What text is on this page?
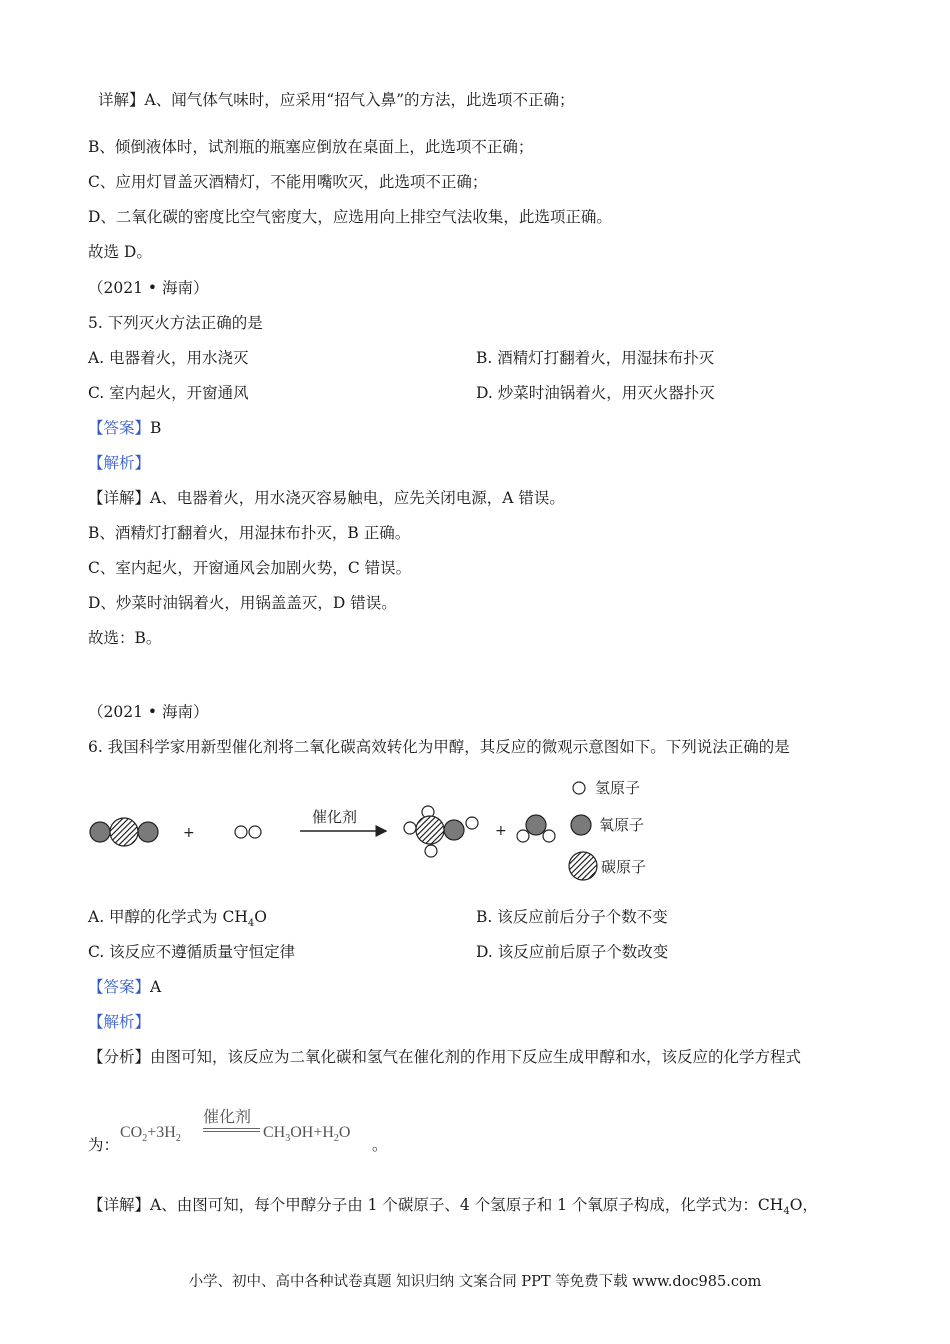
详解】A、闻气体气味时，应采用“招气入鼻”的方法，此选项不正确；
B、倾倒液体时，试剂瓶的瓶塞应倒放在桌面上，此选项不正确；
C、应用灯冒盖灭酒精灯，不能用嘴吹灭，此选项不正确；
D、二氧化碳的密度比空气密度大，应选用向上排空气法收集，此选项正确。
故选 D。
（2021 • 海南）
5. 下列灭火方法正确的是
A. 电器着火，用水浇灭	B. 酒精灯打翻着火，用湿抹布扑灭
C. 室内起火，开窗通风	D. 炒菜时油锅着火，用灭火器扑灭
【答案】B
【解析】
【详解】A、电器着火，用水浇灭容易触电，应先关闭电源，A 错误。
B、酒精灯打翻着火，用湿抹布扑灭，B 正确。
C、室内起火，开窗通风会加剧火势，C 错误。
D、炒菜时油锅着火，用锅盖盖灭，D 错误。
故选：B。
（2021 • 海南）
6. 我国科学家用新型催化剂将二氧化碳高效转化为甲醇，其反应的微观示意图如下。下列说法正确的是
+
催化剂
+
氢原子
氧原子
碳原子
A. 甲醇的化学式为 $CH_4O$	B. 该反应前后分子个数不变
C. 该反应不遵循质量守恒定律	D. 该反应前后原子个数改变
【答案】A
【解析】
【分析】由图可知，该反应为二氧化碳和氢气在催化剂的作用下反应生成甲醇和水，该反应的化学方程式
为：
$CO_2+3H_2$
催化剂
$CH_3OH+H_2O$
。
【详解】A、由图可知，每个甲醇分子由 1 个碳原子、4 个氢原子和 1 个氧原子构成，化学式为：$CH_4O$，
小学、初中、高中各种试卷真题 知识归纳 文案合同 PPT 等免费下载 www.doc985.com
